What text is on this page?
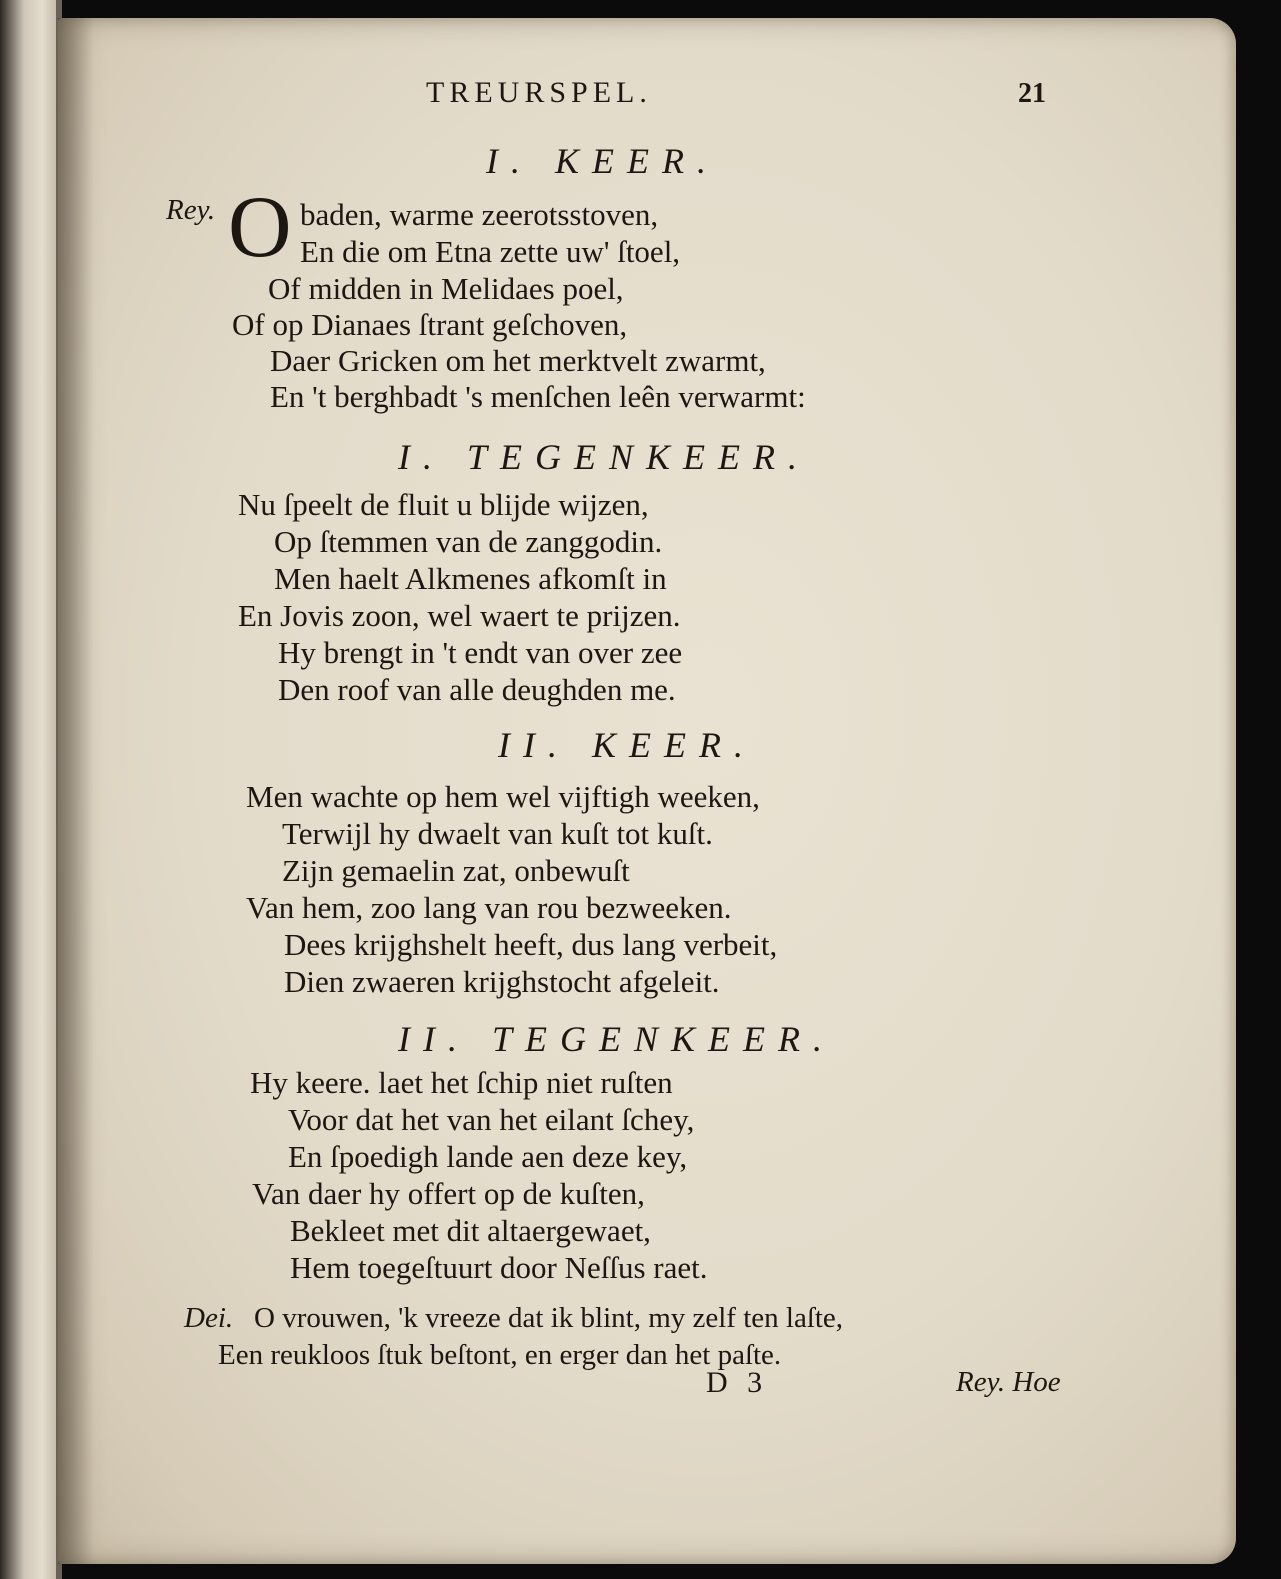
TREURSPEL.	21
I. KEER.
Rey. O baden, warme zeerotsstoven,
En die om Etna zette uw' ſtoel,
Of midden in Melidaes poel,
Of op Dianaes ſtrant geſchoven,
Daer Gricken om het merktvelt zwarmt,
En 't berghbadt 's menſchen leên verwarmt:
I. TEGENKEER.
Nu ſpeelt de fluit u blijde wijzen,
Op ſtemmen van de zanggodin.
Men haelt Alkmenes afkomſt in
En Jovis zoon, wel waert te prijzen.
Hy brengt in 't endt van over zee
Den roof van alle deughden me.
II. KEER.
Men wachte op hem wel vijftigh weeken,
Terwijl hy dwaelt van kuſt tot kuſt.
Zijn gemaelin zat, onbewuſt
Van hem, zoo lang van rou bezweeken.
Dees krijghshelt heeft, dus lang verbeit,
Dien zwaeren krijghstocht afgeleit.
II. TEGENKEER.
Hy keere. laet het ſchip niet ruſten
Voor dat het van het eilant ſchey,
En ſpoedigh lande aen deze key,
Van daer hy offert op de kuſten,
Bekleet met dit altaergewaet,
Hem toegeſtuurt door Neſſus raet.
Dei. O vrouwen, 'k vreeze dat ik blint, my zelf ten laſte,
Een reukloos ſtuk beſtont, en erger dan het paſte.
D 3	Rey. Hoe
